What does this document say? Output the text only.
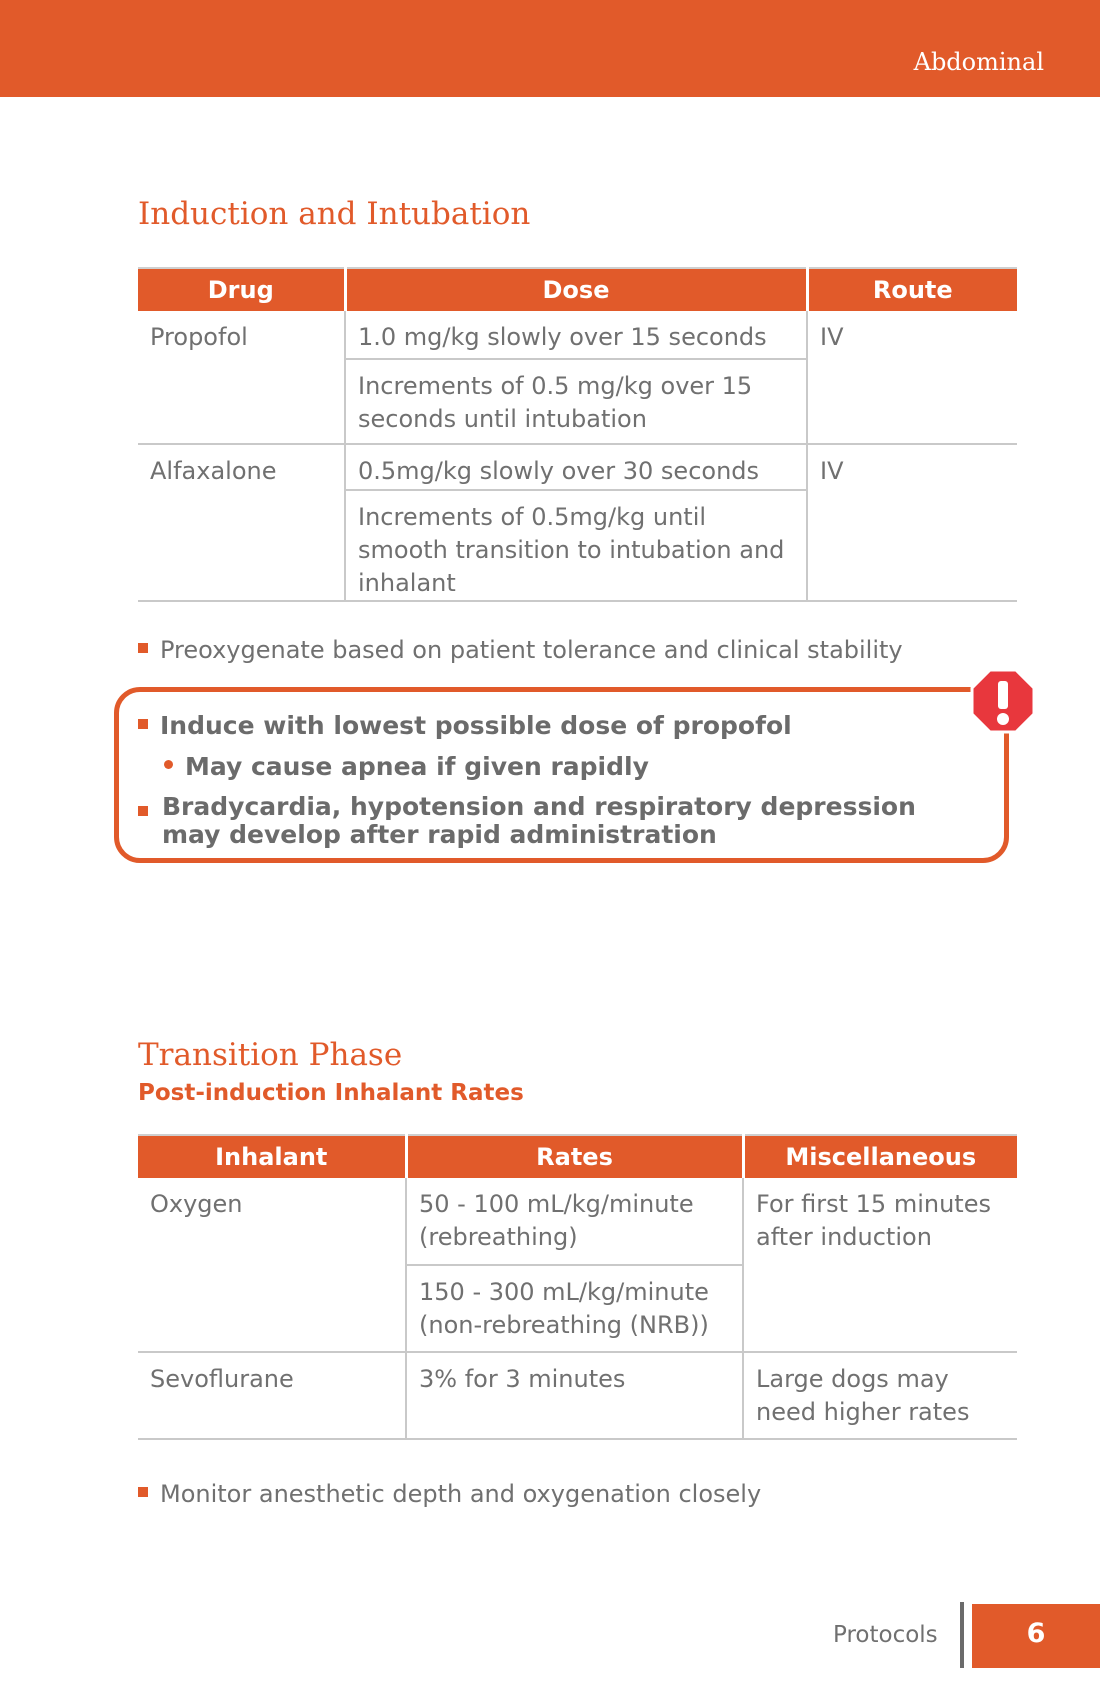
Abdominal
Induction and Intubation
Drug	Dose	Route
Propofol	1.0 mg/kg slowly over 15 seconds	IV
	Increments of 0.5 mg/kg over 15 seconds until intubation	
Alfaxalone	0.5mg/kg slowly over 30 seconds	IV
	Increments of 0.5mg/kg until smooth transition to intubation and inhalant	
Preoxygenate based on patient tolerance and clinical stability
Induce with lowest possible dose of propofol
May cause apnea if given rapidly
Bradycardia, hypotension and respiratory depression may develop after rapid administration
Transition Phase
Post-induction Inhalant Rates
Inhalant	Rates	Miscellaneous
Oxygen	50 - 100 mL/kg/minute (rebreathing)	For first 15 minutes after induction
	150 - 300 mL/kg/minute (non-rebreathing (NRB))	
Sevoflurane	3% for 3 minutes	Large dogs may need higher rates
Monitor anesthetic depth and oxygenation closely
Protocols	6
